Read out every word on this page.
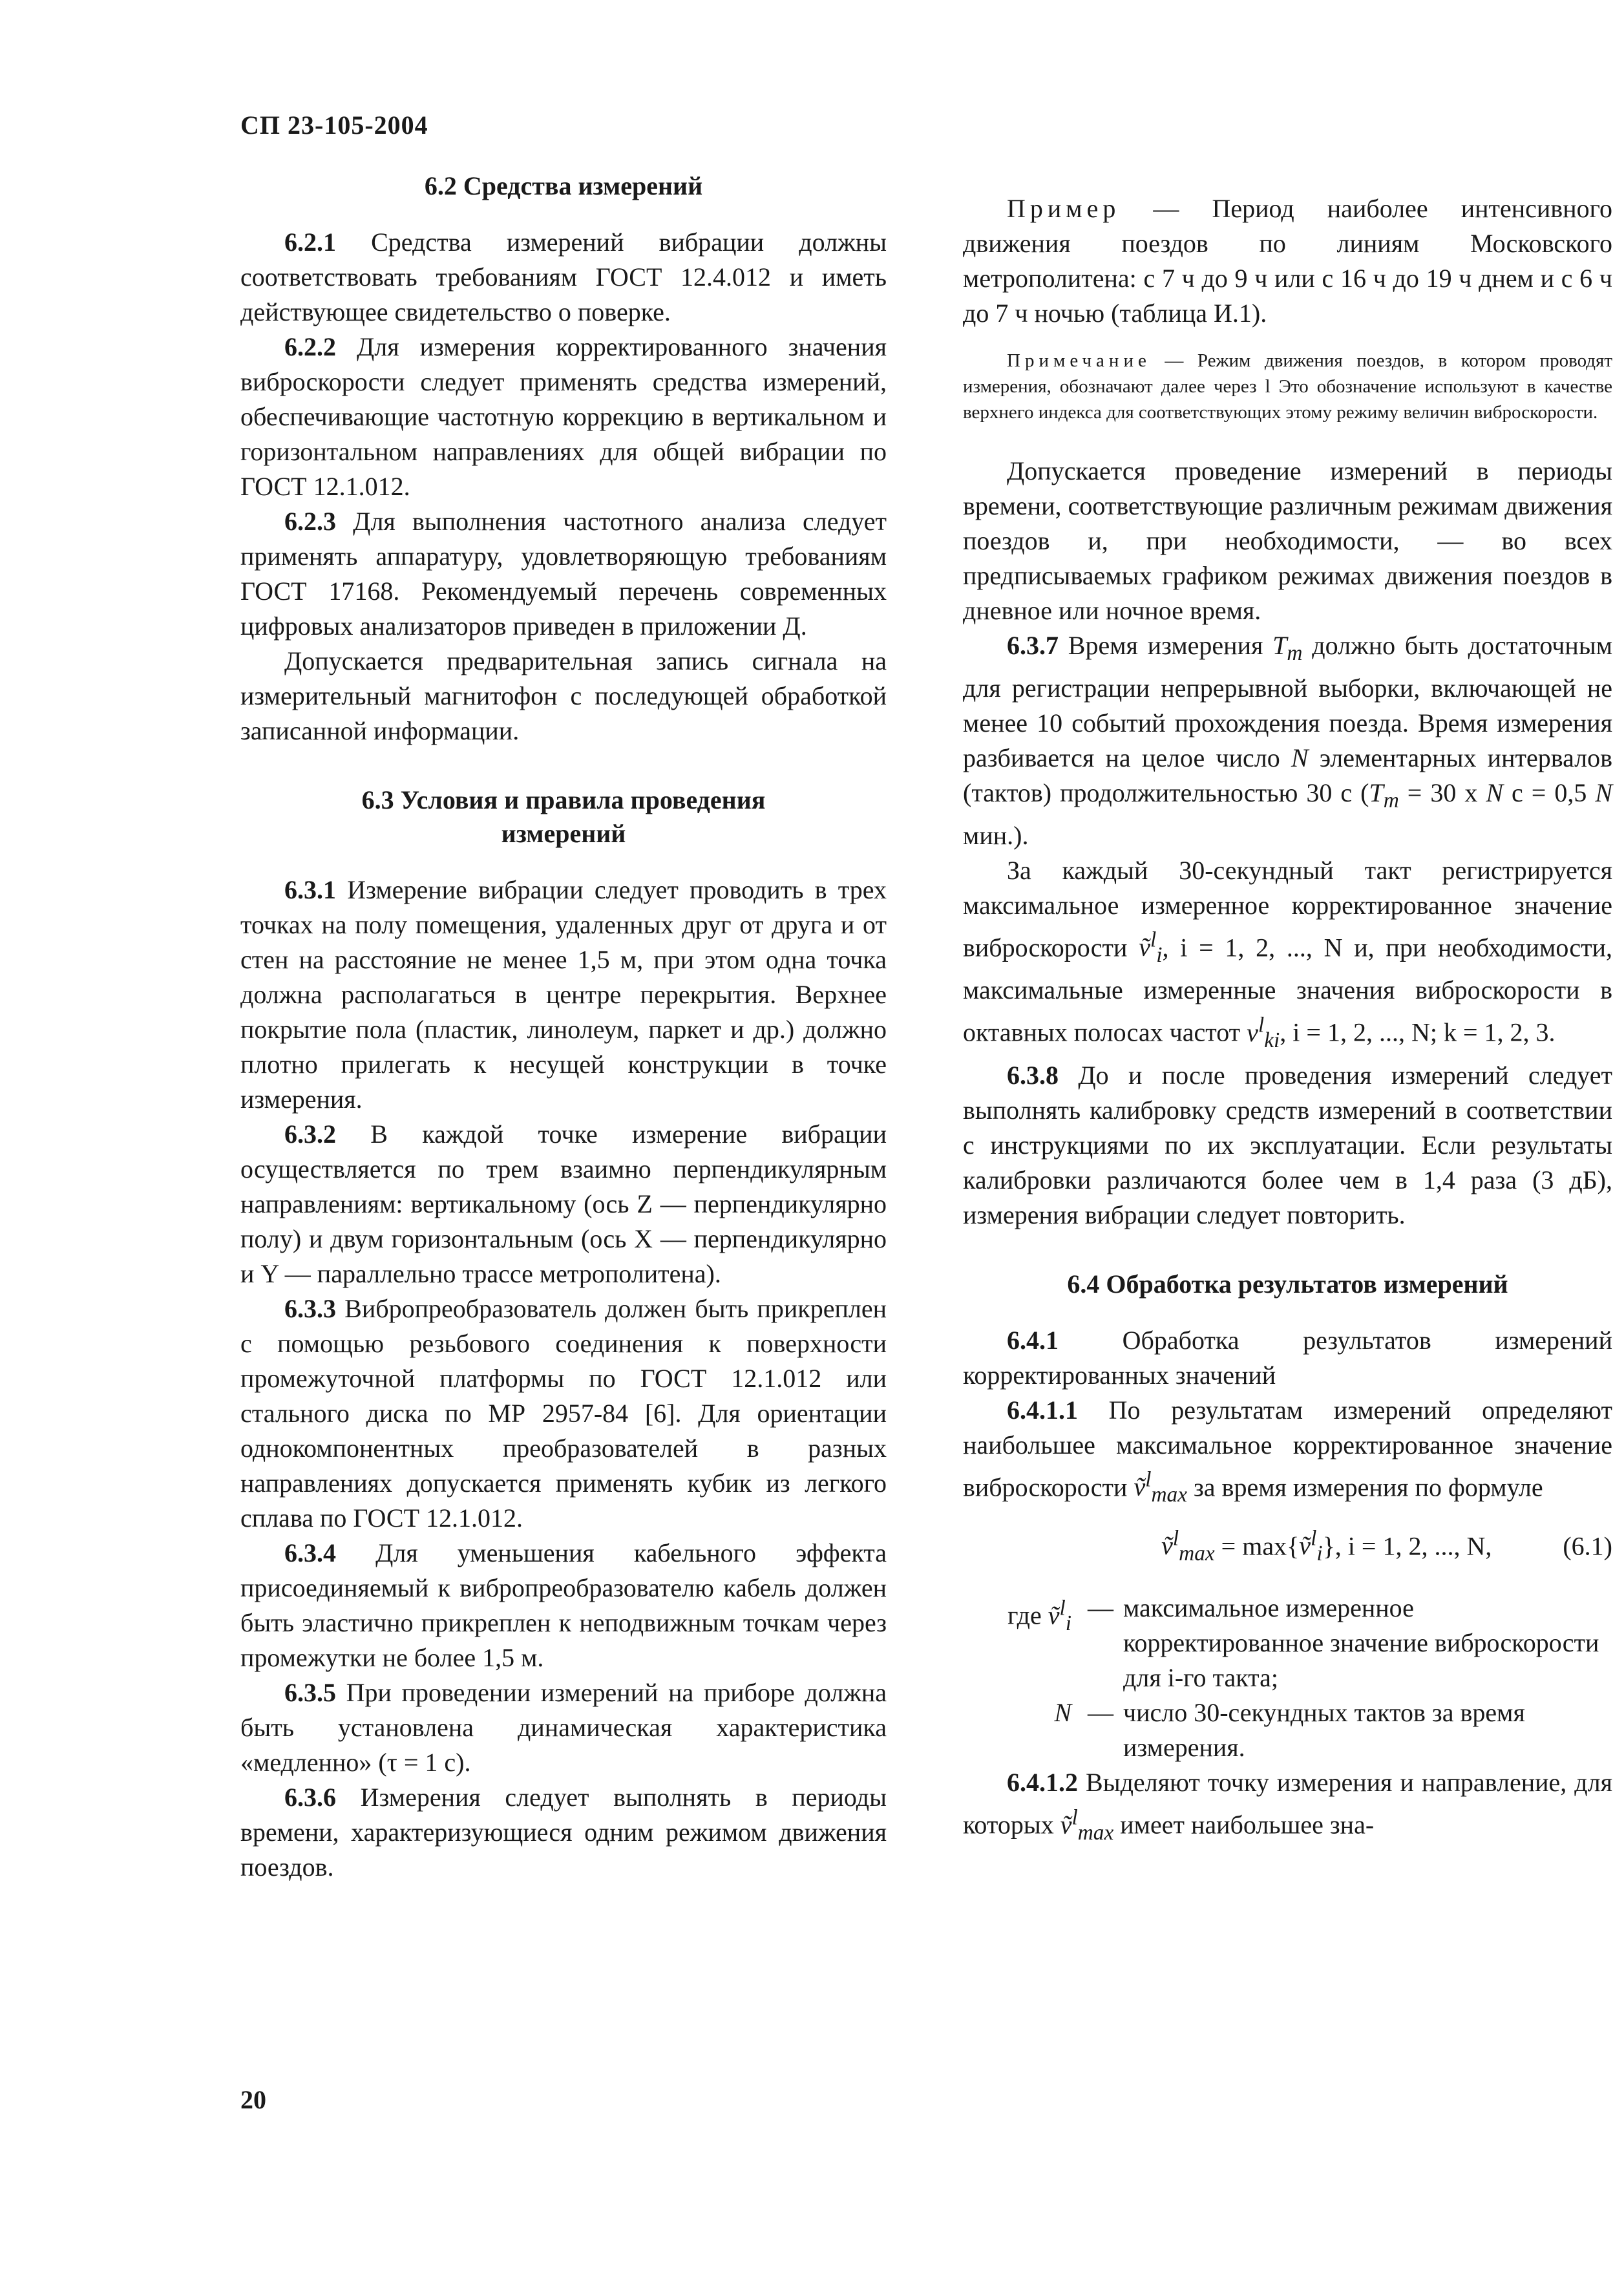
СП 23-105-2004
6.2 Средства измерений

6.2.1 Средства измерений вибрации должны соответствовать требованиям ГОСТ 12.4.012 и иметь действующее свидетельство о поверке.

6.2.2 Для измерения корректированного значения виброскорости следует применять средства измерений, обеспечивающие частотную коррекцию в вертикальном и горизонтальном направлениях для общей вибрации по ГОСТ 12.1.012.

6.2.3 Для выполнения частотного анализа следует применять аппаратуру, удовлетворяющую требованиям ГОСТ 17168. Рекомендуемый перечень современных цифровых анализаторов приведен в приложении Д.

Допускается предварительная запись сигнала на измерительный магнитофон с последующей обработкой записанной информации.

6.3 Условия и правила проведения
измерений

6.3.1 Измерение вибрации следует проводить в трех точках на полу помещения, удаленных друг от друга и от стен на расстояние не менее 1,5 м, при этом одна точка должна располагаться в центре перекрытия. Верхнее покрытие пола (пластик, линолеум, паркет и др.) должно плотно прилегать к несущей конструкции в точке измерения.

6.3.2 В каждой точке измерение вибрации осуществляется по трем взаимно перпендикулярным направлениям: вертикальному (ось Z — перпендикулярно полу) и двум горизонтальным (ось X — перпендикулярно и Y — параллельно трассе метрополитена).

6.3.3 Вибропреобразователь должен быть прикреплен с помощью резьбового соединения к поверхности промежуточной платформы по ГОСТ 12.1.012 или стального диска по МР 2957-84 [6]. Для ориентации однокомпонентных преобразователей в разных направлениях допускается применять кубик из легкого сплава по ГОСТ 12.1.012.

6.3.4 Для уменьшения кабельного эффекта присоединяемый к вибропреобразователю кабель должен быть эластично прикреплен к неподвижным точкам через промежутки не более 1,5 м.

6.3.5 При проведении измерений на приборе должна быть установлена динамическая характеристика «медленно» (τ = 1 с).

6.3.6 Измерения следует выполнять в периоды времени, характеризующиеся одним режимом движения поездов.

Пример — Период наиболее интенсивного движения поездов по линиям Московского метрополитена: с 7 ч до 9 ч или с 16 ч до 19 ч днем и с 6 ч до 7 ч ночью (таблица И.1).

Примечание — Режим движения поездов, в котором проводят измерения, обозначают далее через l Это обозначение используют в качестве верхнего индекса для соответствующих этому режиму величин виброскорости.

Допускается проведение измерений в периоды времени, соответствующие различным режимам движения поездов и, при необходимости, — во всех предписываемых графиком режимах движения поездов в дневное или ночное время.

6.3.7 Время измерения $T_m$ должно быть достаточным для регистрации непрерывной выборки, включающей не менее 10 событий прохождения поезда. Время измерения разбивается на целое число N элементарных интервалов (тактов) продолжительностью 30 с ($T_m = 30$ х N с = 0,5 N мин.).

За каждый 30-секундный такт регистрируется максимальное измеренное корректированное значение виброскорости ṽ$^l_i$, i = 1, 2, ..., N и, при необходимости, максимальные измеренные значения виброскорости в октавных полосах частот $v^l_{ki}$, i = 1, 2, ..., N; k = 1, 2, 3.

6.3.8 До и после проведения измерений следует выполнять калибровку средств измерений в соответствии с инструкциями по их эксплуатации. Если результаты калибровки различаются более чем в 1,4 раза (3 дБ), измерения вибрации следует повторить.

6.4 Обработка результатов измерений

6.4.1 Обработка результатов измерений корректированных значений

6.4.1.1 По результатам измерений определяют наибольшее максимальное корректированное значение виброскорости ṽ$^l_{max}$ за время измерения по формуле

ṽ$^l_{max}$ = max{ṽ$^l_i$}, i = 1, 2, ..., N,	(6.1)
где ṽ$^l_i$
— максимальное измеренное корректированное значение виброскорости для i-го такта;
N — число 30-секундных тактов за время измерения.

6.4.1.2 Выделяют точку измерения и направление, для которых ṽ$^l_{max}$ имеет наибольшее зна-

20
